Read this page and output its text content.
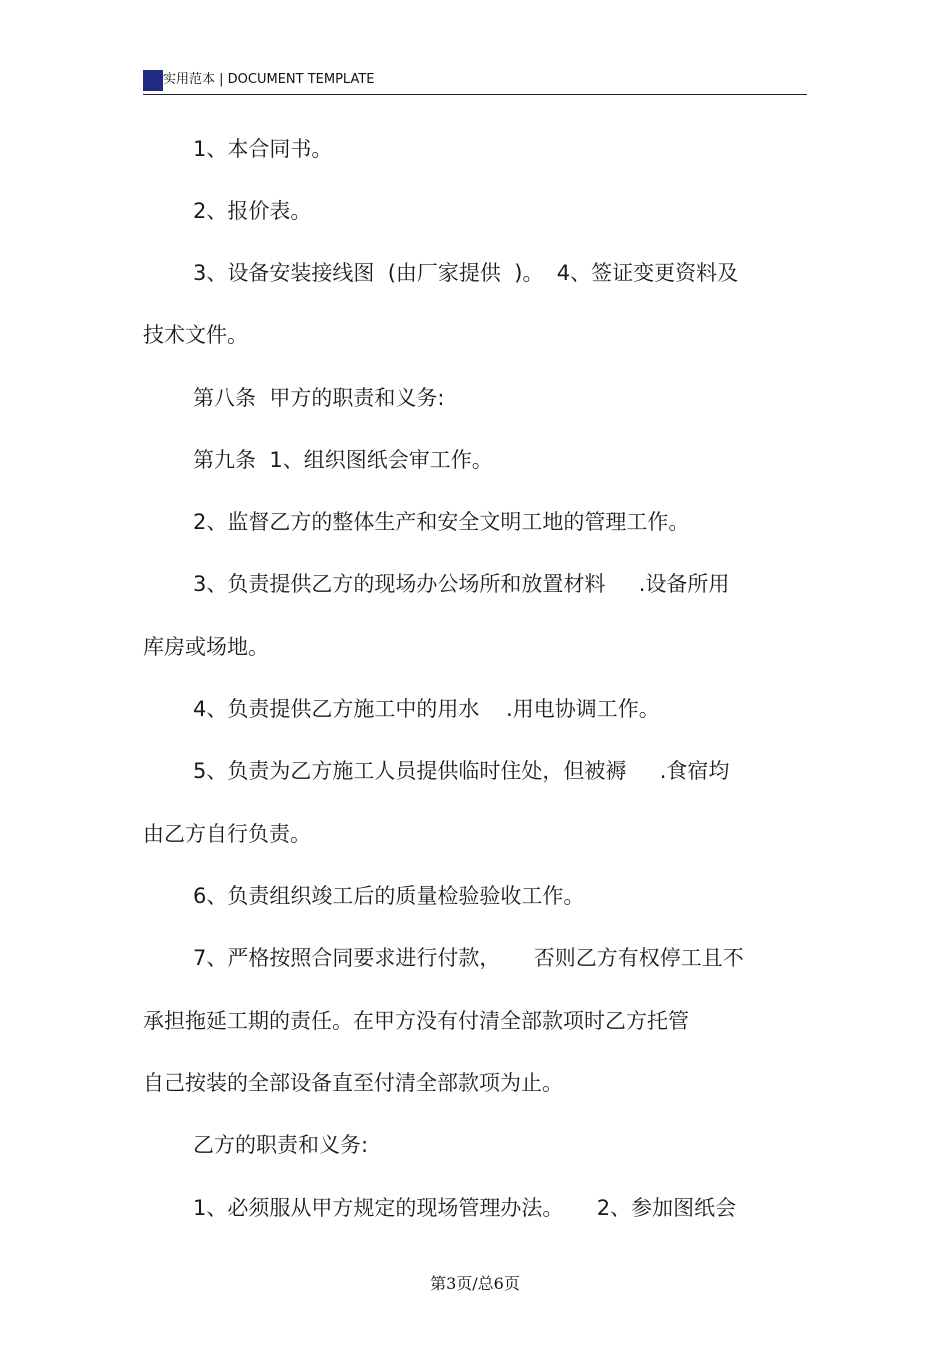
实用范本 | DOCUMENT TEMPLATE
1、本合同书。
2、报价表。
3、设备安装接线图  (由厂家提供  )。  4、签证变更资料及
技术文件。
第八条  甲方的职责和义务:
第九条  1、组织图纸会审工作。
2、监督乙方的整体生产和安全文明工地的管理工作。
3、负责提供乙方的现场办公场所和放置材料     .设备所用
库房或场地。
4、负责提供乙方施工中的用水    .用电协调工作。
5、负责为乙方施工人员提供临时住处，但被褥     .食宿均
由乙方自行负责。
6、负责组织竣工后的质量检验验收工作。
7、严格按照合同要求进行付款，     否则乙方有权停工且不
承担拖延工期的责任。在甲方没有付清全部款项时乙方托管
自己按装的全部设备直至付清全部款项为止。
乙方的职责和义务:
1、必须服从甲方规定的现场管理办法。     2、参加图纸会
第3页/总6页
